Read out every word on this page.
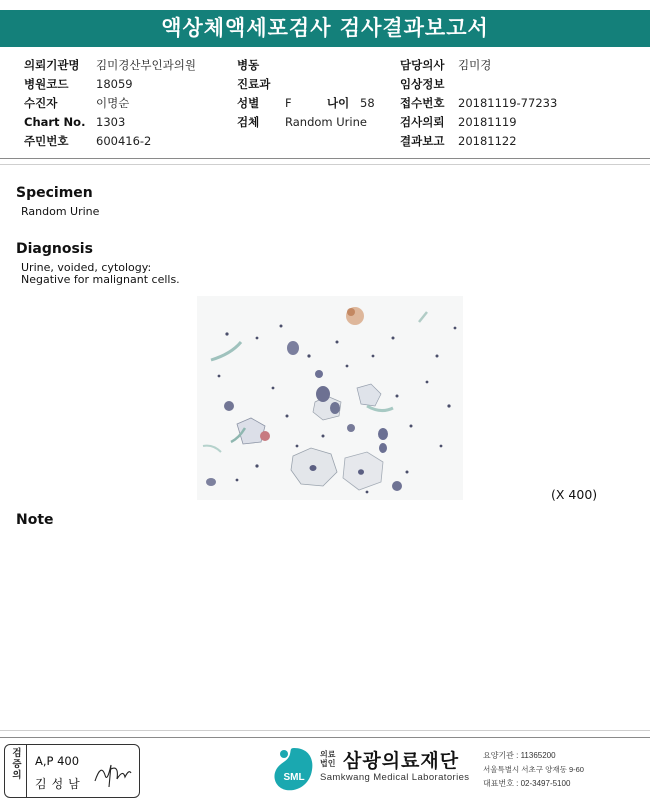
액상체액세포검사 검사결과보고서
의뢰기관명 김미경산부인과의원
병원코드 18059
수진자	이명순
Chart No. 1303
주민번호 600416-2
병동
진료과
성별 F	나이 58
검체 Random Urine
담당의사 김미경
임상정보
접수번호 20181119-77233
검사의뢰 20181119
결과보고 20181122
Specimen
Random Urine
Diagnosis
Urine, voided, cytology:
Negative for malignant cells.
(X 400)
Note
검증의
A,P 400
김성남	SML
의료
법인 삼광의료재단
Samkwang Medical Laboratories
요양기관 : 11365200
서울특별시 서초구 양재동 9-60
대표번호 : 02-3497-5100
